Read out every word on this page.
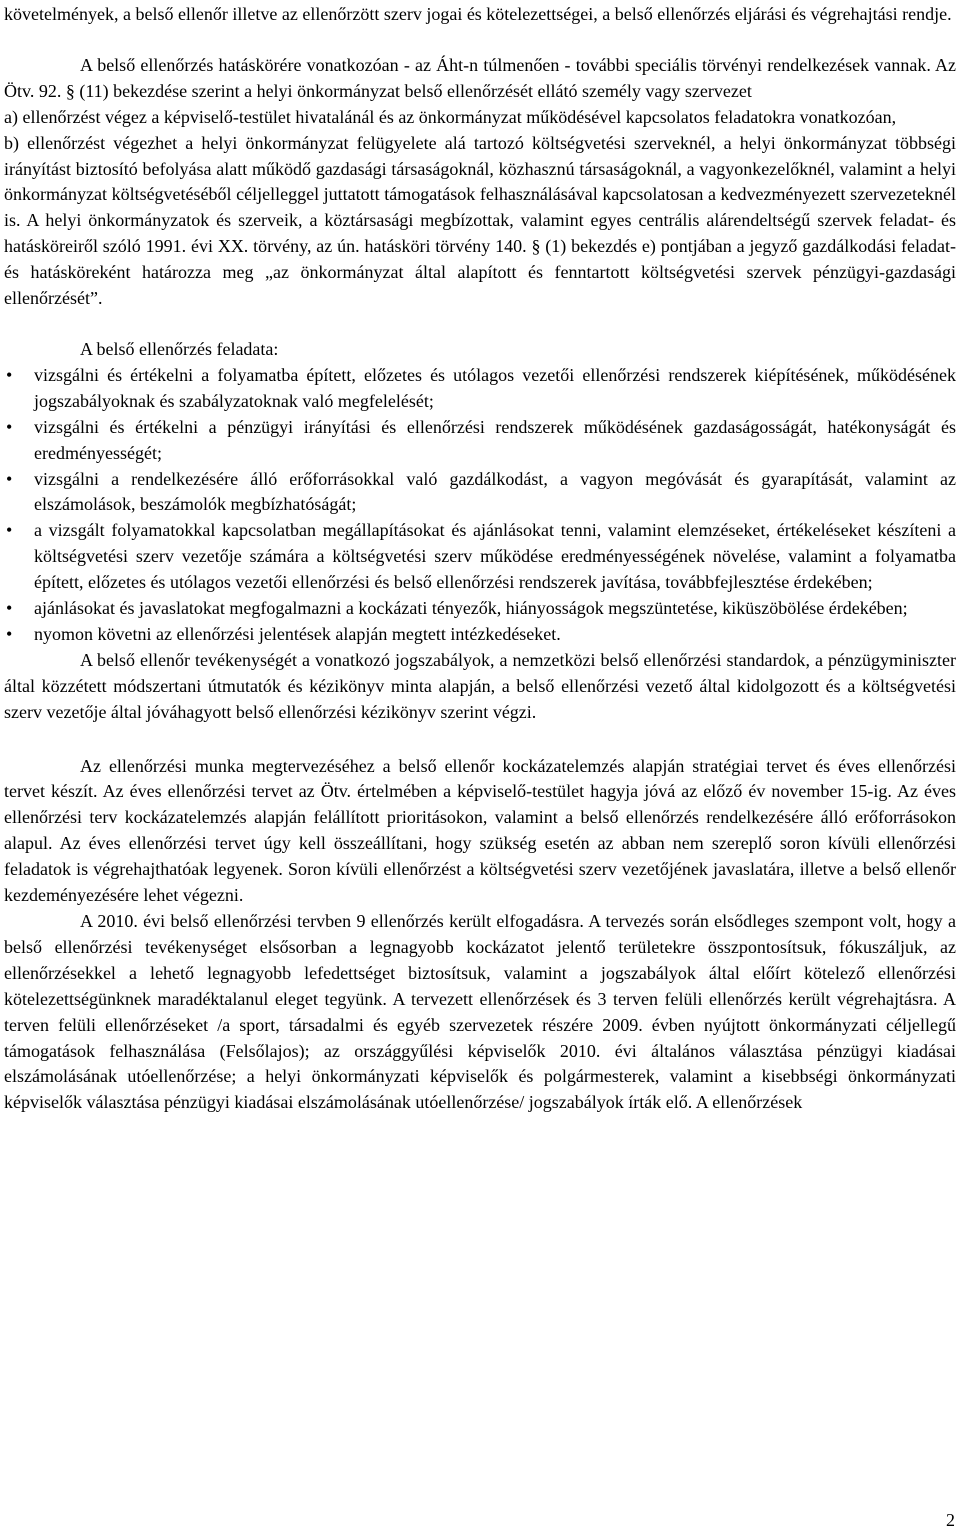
követelmények, a belső ellenőr illetve az ellenőrzött szerv jogai és kötelezettségei, a belső ellenőrzés eljárási és végrehajtási rendje.

A belső ellenőrzés hatáskörére vonatkozóan - az Áht-n túlmenően - további speciális törvényi rendelkezések vannak. Az Ötv. 92. § (11) bekezdése szerint a helyi önkormányzat belső ellenőrzését ellátó személy vagy szervezet

a) ellenőrzést végez a képviselő-testület hivatalánál és az önkormányzat működésével kapcsolatos feladatokra vonatkozóan,

b) ellenőrzést végezhet a helyi önkormányzat felügyelete alá tartozó költségvetési szerveknél, a helyi önkormányzat többségi irányítást biztosító befolyása alatt működő gazdasági társaságoknál, közhasznú társaságoknál, a vagyonkezelőknél, valamint a helyi önkormányzat költségvetéséből céljelleggel juttatott támogatások felhasználásával kapcsolatosan a kedvezményezett szervezeteknél is. A helyi önkormányzatok és szerveik, a köztársasági megbízottak, valamint egyes centrális alárendeltségű szervek feladat- és hatásköreiről szóló 1991. évi XX. törvény, az ún. hatásköri törvény 140. § (1) bekezdés e) pontjában a jegyző gazdálkodási feladat- és hatásköreként határozza meg „az önkormányzat által alapított és fenntartott költségvetési szervek pénzügyi-gazdasági ellenőrzését”.

A belső ellenőrzés feladata:

• vizsgálni és értékelni a folyamatba épített, előzetes és utólagos vezetői ellenőrzési rendszerek kiépítésének, működésének jogszabályoknak és szabályzatoknak való megfelelését;
• vizsgálni és értékelni a pénzügyi irányítási és ellenőrzési rendszerek működésének gazdaságosságát, hatékonyságát és eredményességét;
• vizsgálni a rendelkezésére álló erőforrásokkal való gazdálkodást, a vagyon megóvását és gyarapítását, valamint az elszámolások, beszámolók megbízhatóságát;
• a vizsgált folyamatokkal kapcsolatban megállapításokat és ajánlásokat tenni, valamint elemzéseket, értékeléseket készíteni a költségvetési szerv vezetője számára a költségvetési szerv működése eredményességének növelése, valamint a folyamatba épített, előzetes és utólagos vezetői ellenőrzési és belső ellenőrzési rendszerek javítása, továbbfejlesztése érdekében;
• ajánlásokat és javaslatokat megfogalmazni a kockázati tényezők, hiányosságok megszüntetése, kiküszöbölése érdekében;
• nyomon követni az ellenőrzési jelentések alapján megtett intézkedéseket.

A belső ellenőr tevékenységét a vonatkozó jogszabályok, a nemzetközi belső ellenőrzési standardok, a pénzügyminiszter által közzétett módszertani útmutatók és kézikönyv minta alapján, a belső ellenőrzési vezető által kidolgozott és a költségvetési szerv vezetője által jóváhagyott belső ellenőrzési kézikönyv szerint végzi.

Az ellenőrzési munka megtervezéséhez a belső ellenőr kockázatelemzés alapján stratégiai tervet és éves ellenőrzési tervet készít. Az éves ellenőrzési tervet az Ötv. értelmében a képviselő-testület hagyja jóvá az előző év november 15-ig. Az éves ellenőrzési terv kockázatelemzés alapján felállított prioritásokon, valamint a belső ellenőrzés rendelkezésére álló erőforrásokon alapul. Az éves ellenőrzési tervet úgy kell összeállítani, hogy szükség esetén az abban nem szereplő soron kívüli ellenőrzési feladatok is végrehajthatóak legyenek. Soron kívüli ellenőrzést a költségvetési szerv vezetőjének javaslatára, illetve a belső ellenőr kezdeményezésére lehet végezni.

A 2010. évi belső ellenőrzési tervben 9 ellenőrzés került elfogadásra. A tervezés során elsődleges szempont volt, hogy a belső ellenőrzési tevékenységet elsősorban a legnagyobb kockázatot jelentő területekre összpontosítsuk, fókuszáljuk, az ellenőrzésekkel a lehető legnagyobb lefedettséget biztosítsuk, valamint a jogszabályok által előírt kötelező ellenőrzési kötelezettségünknek maradéktalanul eleget tegyünk. A tervezett ellenőrzések és 3 terven felüli ellenőrzés került végrehajtásra. A terven felüli ellenőrzéseket /a sport, társadalmi és egyéb szervezetek részére 2009. évben nyújtott önkormányzati céljellegű támogatások felhasználása (Felsőlajos); az országgyűlési képviselők 2010. évi általános választása pénzügyi kiadásai elszámolásának utóellenőrzése; a helyi önkormányzati képviselők és polgármesterek, valamint a kisebbségi önkormányzati képviselők választása pénzügyi kiadásai elszámolásának utóellenőrzése/ jogszabályok írták elő. A ellenőrzések

2
